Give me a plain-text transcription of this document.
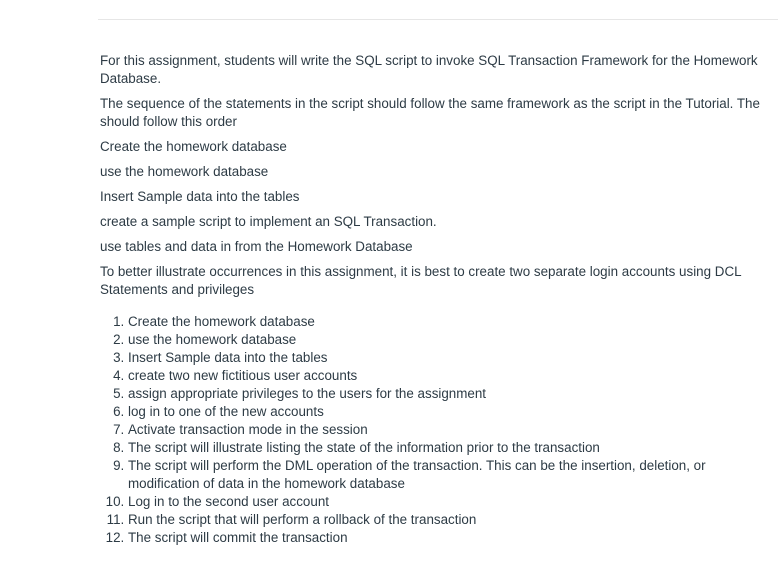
For this assignment, students will write the SQL script to invoke SQL Transaction Framework for the Homework Database.

The sequence of the statements in the script should follow the same framework as the script in the Tutorial. The should follow this order

Create the homework database

use the homework database

Insert Sample data into the tables

create a sample script to implement an SQL Transaction.

use tables and data in from the Homework Database

To better illustrate occurrences in this assignment, it is best to create two separate login accounts using DCL Statements and privileges

1. Create the homework database
2. use the homework database
3. Insert Sample data into the tables
4. create two new fictitious user accounts
5. assign appropriate privileges to the users for the assignment
6. log in to one of the new accounts
7. Activate transaction mode in the session
8. The script will illustrate listing the state of the information prior to the transaction
9. The script will perform the DML operation of the transaction. This can be the insertion, deletion, or modification of data in the homework database
10. Log in to the second user account
11. Run the script that will perform a rollback of the transaction
12. The script will commit the transaction
